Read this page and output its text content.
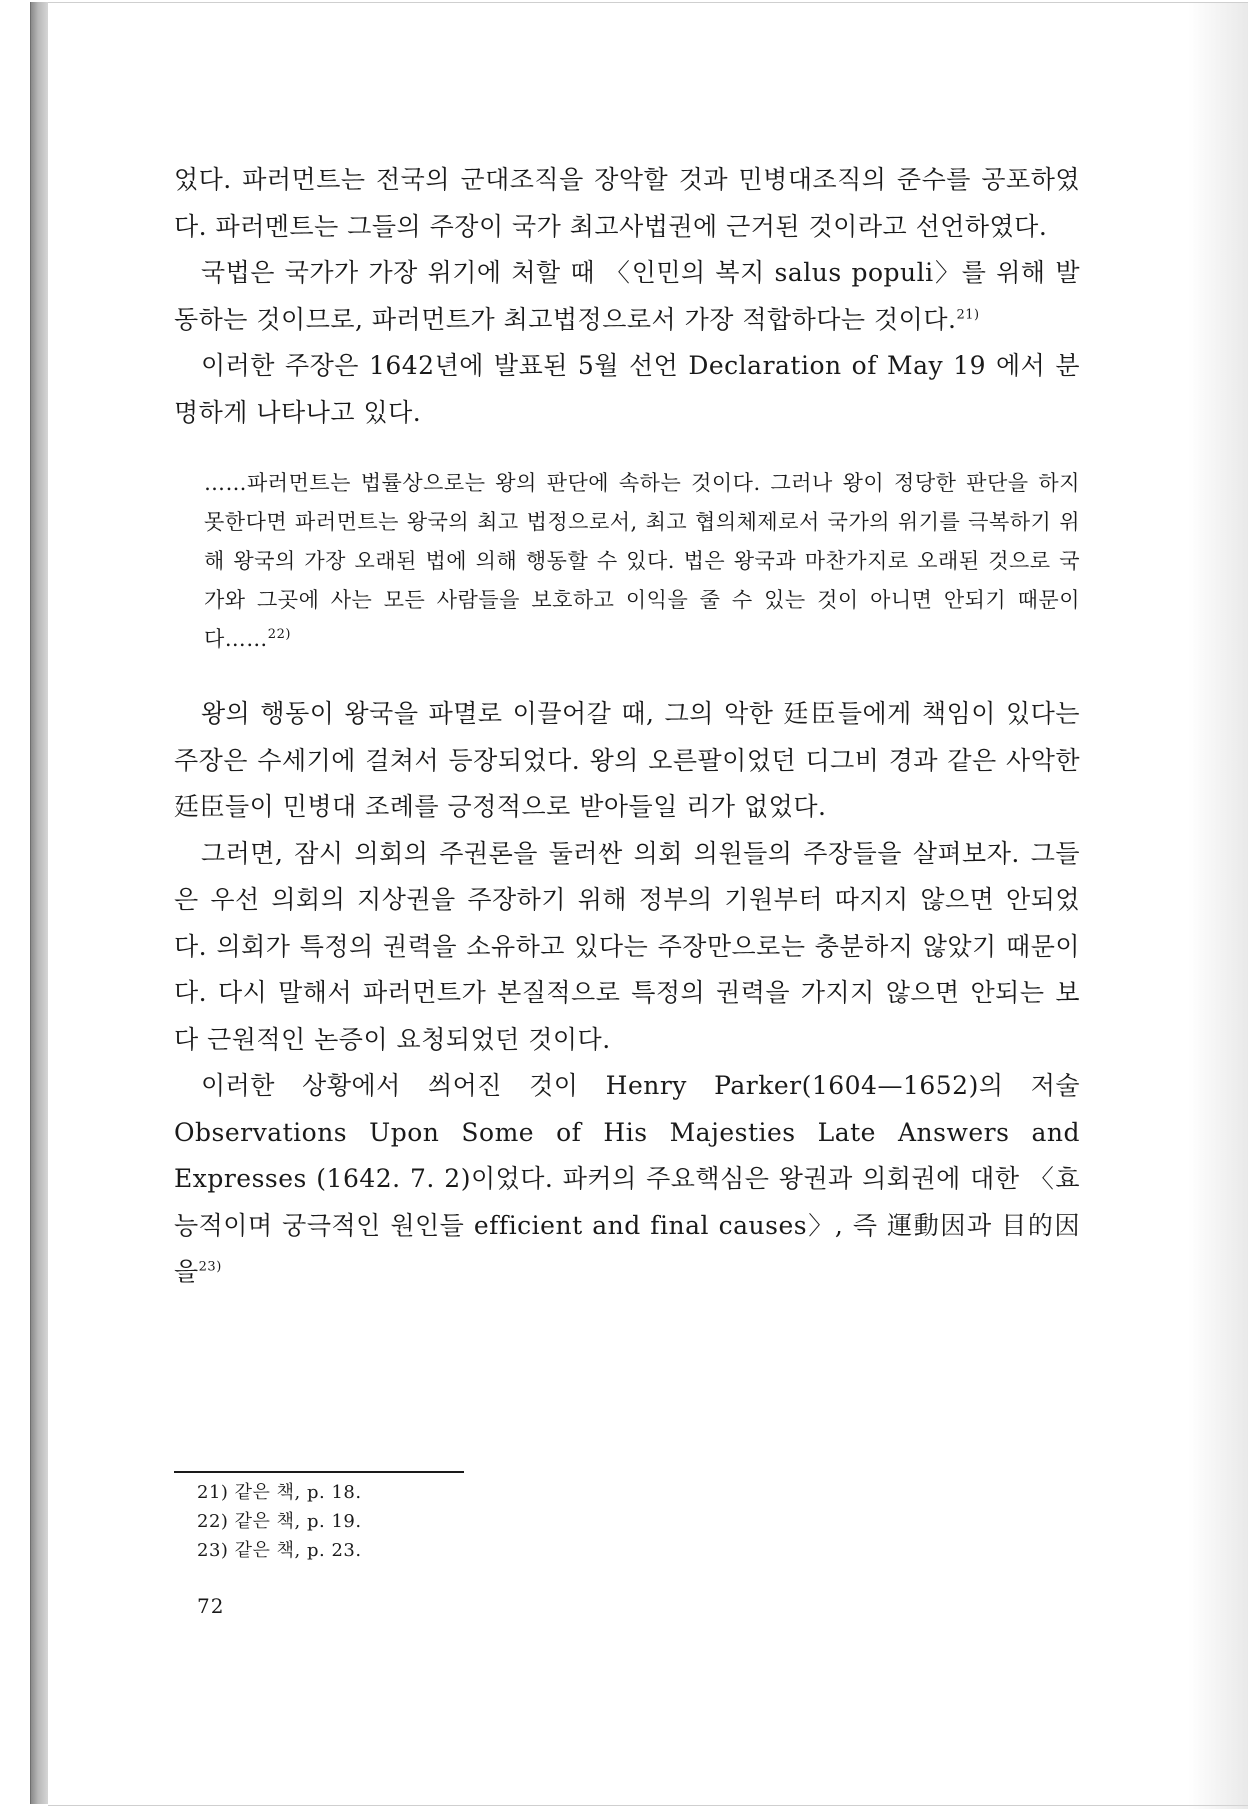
었다. 파러먼트는 전국의 군대조직을 장악할 것과 민병대조직의 준수를 공포하였다. 파러멘트는 그들의 주장이 국가 최고사법권에 근거된 것이라고 선언하였다.

국법은 국가가 가장 위기에 처할 때 〈인민의 복지 salus populi〉를 위해 발동하는 것이므로, 파러먼트가 최고법정으로서 가장 적합하다는 것이다.$^{21)}$

이러한 주장은 1642년에 발표된 5월 선언 Declaration of May 19 에서 분명하게 나타나고 있다.

……파러먼트는 법률상으로는 왕의 판단에 속하는 것이다. 그러나 왕이 정당한 판단을 하지 못한다면 파러먼트는 왕국의 최고 법정으로서, 최고 협의체제로서 국가의 위기를 극복하기 위해 왕국의 가장 오래된 법에 의해 행동할 수 있다. 법은 왕국과 마찬가지로 오래된 것으로 국가와 그곳에 사는 모든 사람들을 보호하고 이익을 줄 수 있는 것이 아니면 안되기 때문이다……$^{22)}$

왕의 행동이 왕국을 파멸로 이끌어갈 때, 그의 악한 廷臣들에게 책임이 있다는 주장은 수세기에 걸쳐서 등장되었다. 왕의 오른팔이었던 디그비 경과 같은 사악한 廷臣들이 민병대 조례를 긍정적으로 받아들일 리가 없었다.

그러면, 잠시 의회의 주권론을 둘러싼 의회 의원들의 주장들을 살펴보자. 그들은 우선 의회의 지상권을 주장하기 위해 정부의 기원부터 따지지 않으면 안되었다. 의회가 특정의 권력을 소유하고 있다는 주장만으로는 충분하지 않았기 때문이다. 다시 말해서 파러먼트가 본질적으로 특정의 권력을 가지지 않으면 안되는 보다 근원적인 논증이 요청되었던 것이다.

이러한 상황에서 씌어진 것이 Henry Parker(1604—1652)의 저술 Observations Upon Some of His Majesties Late Answers and Expresses (1642. 7. 2)이었다. 파커의 주요핵심은 왕권과 의회권에 대한 〈효능적이며 궁극적인 원인들 efficient and final causes〉, 즉 運動因과 目的因을$^{23)}$

21) 같은 책, p. 18.
22) 같은 책, p. 19.
23) 같은 책, p. 23.
72
